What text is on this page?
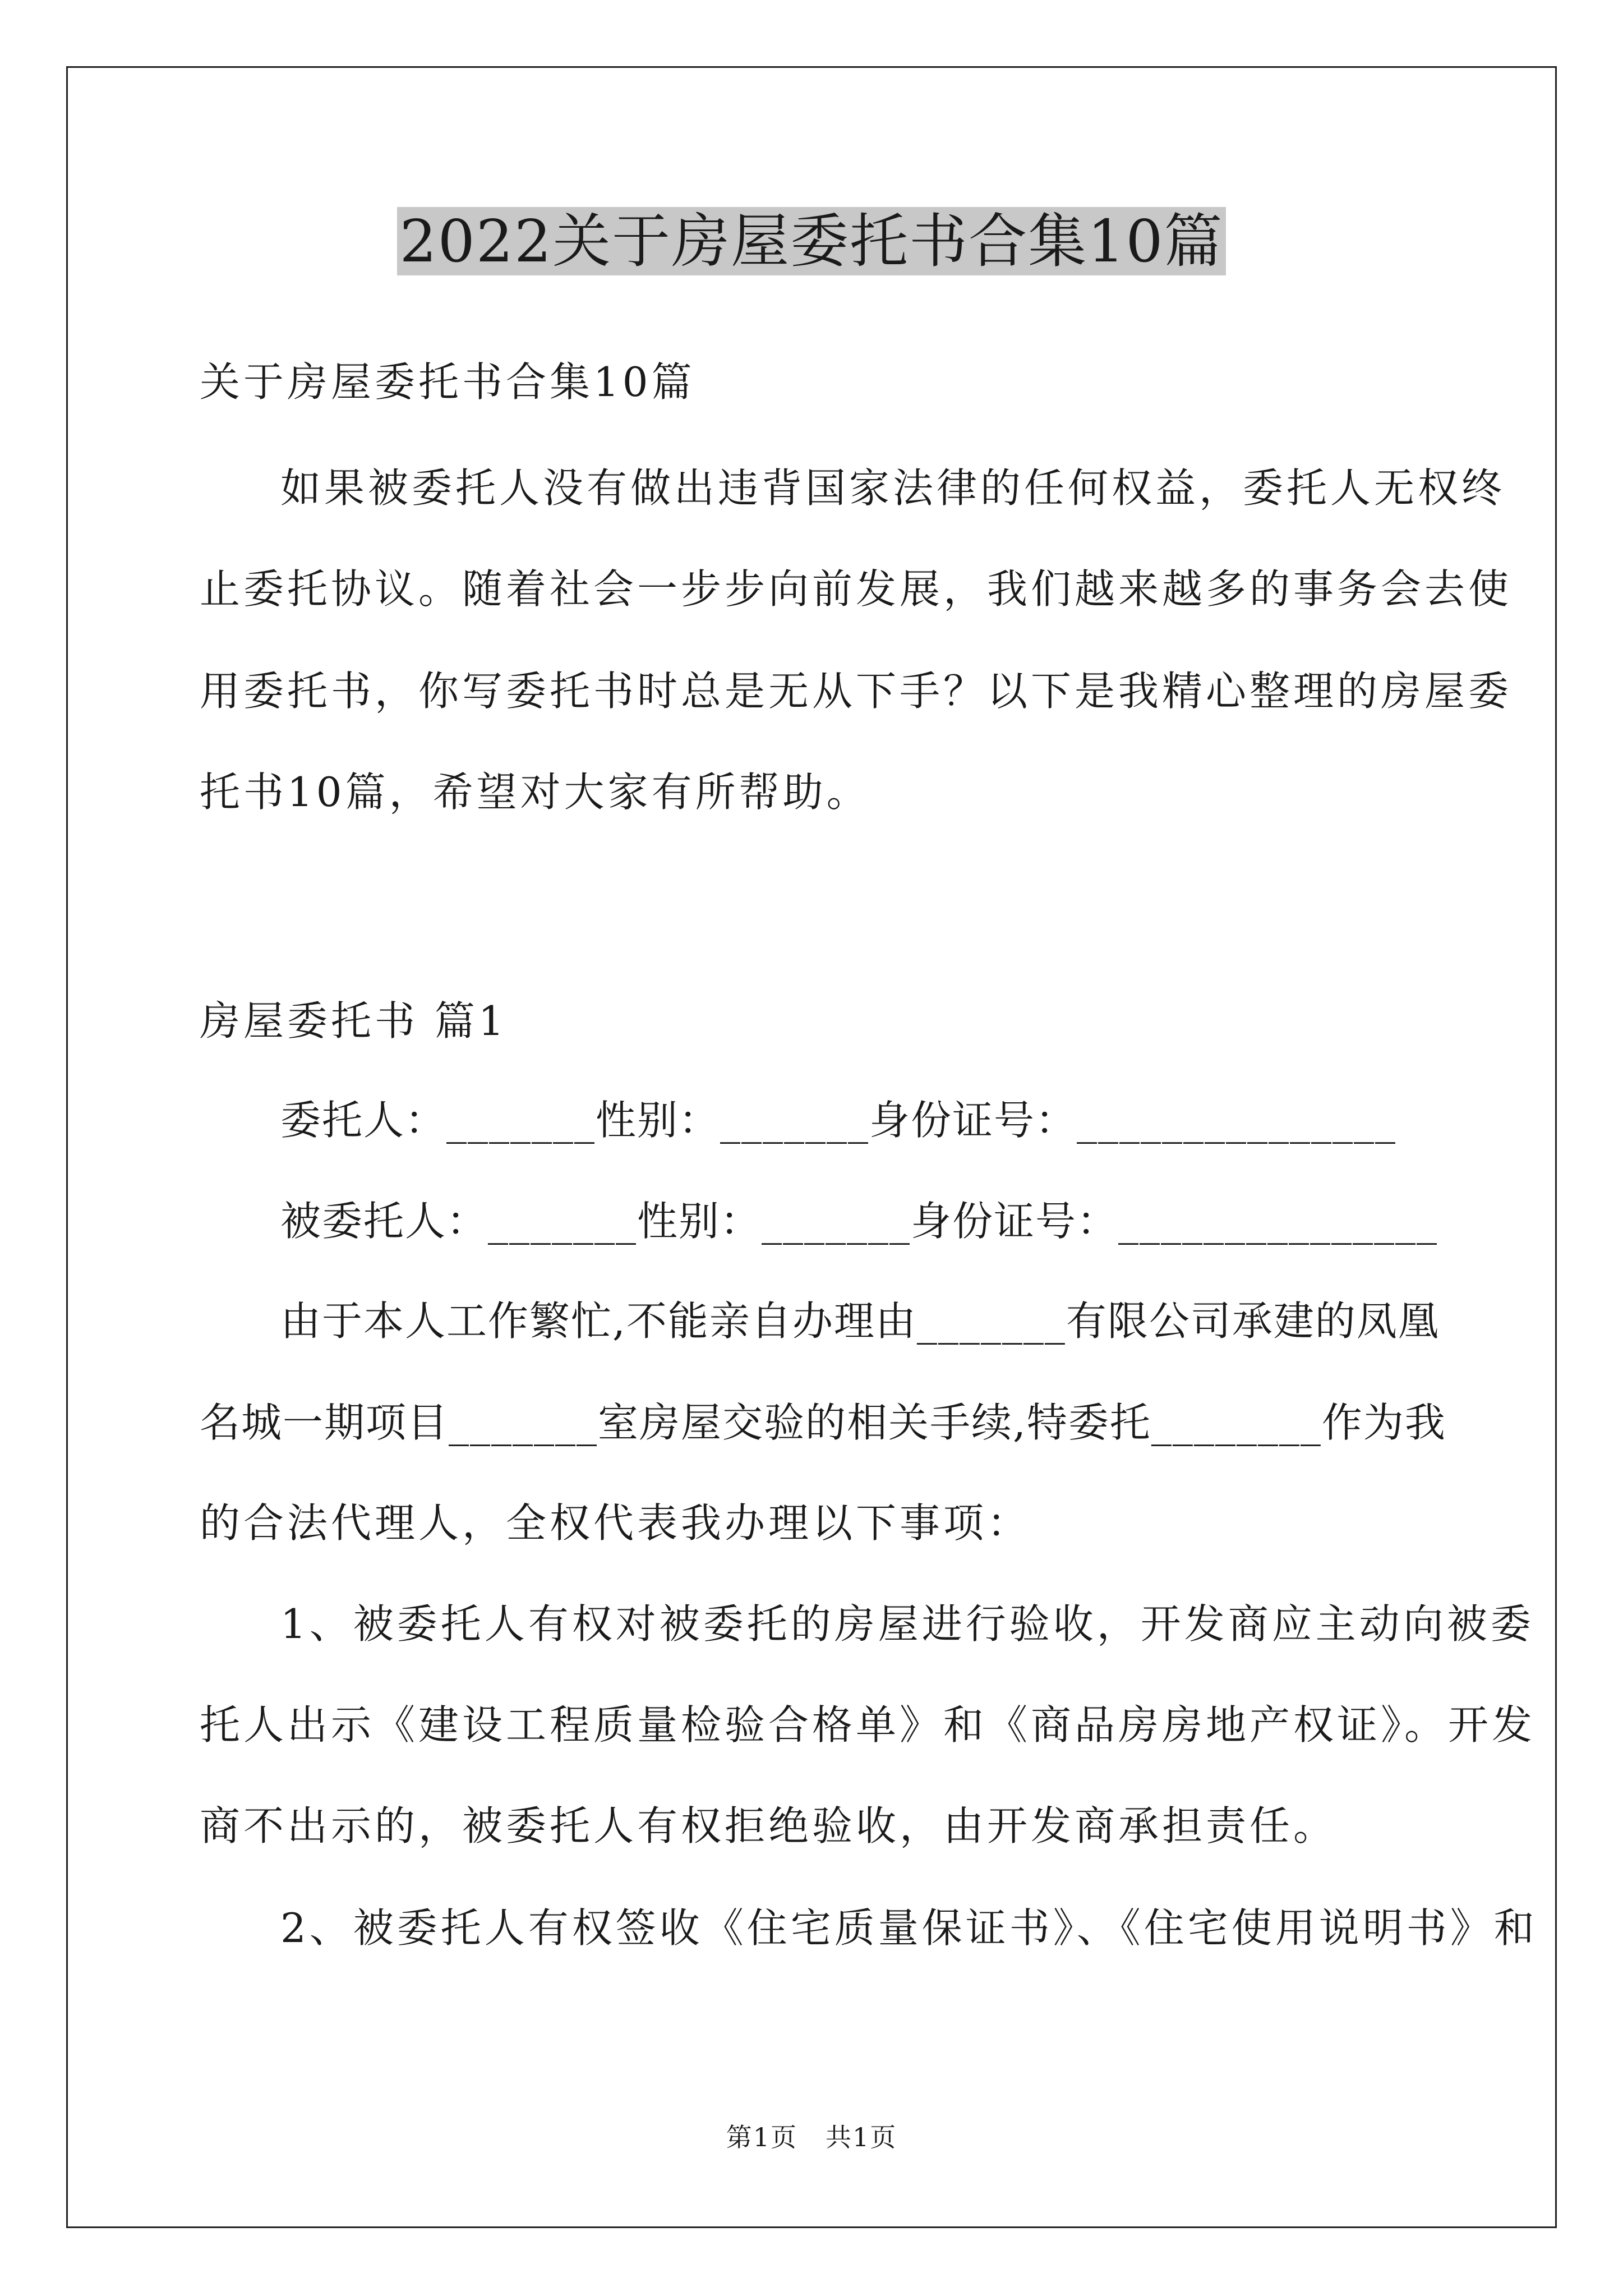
2022关于房屋委托书合集10篇
关于房屋委托书合集10篇
如果被委托人没有做出违背国家法律的任何权益，委托人无权终
止委托协议。随着社会一步步向前发展，我们越来越多的事务会去使
用委托书，你写委托书时总是无从下手？以下是我精心整理的房屋委
托书10篇，希望对大家有所帮助。
房屋委托书 篇1
委托人：_______性别：_______身份证号：_______________
被委托人：_______性别：_______身份证号：_______________
由于本人工作繁忙,不能亲自办理由_______有限公司承建的凤凰
名城一期项目_______室房屋交验的相关手续,特委托________作为我
的合法代理人，全权代表我办理以下事项：
1、被委托人有权对被委托的房屋进行验收，开发商应主动向被委
托人出示《建设工程质量检验合格单》和《商品房房地产权证》。开发
商不出示的，被委托人有权拒绝验收，由开发商承担责任。
2、被委托人有权签收《住宅质量保证书》、《住宅使用说明书》和
第1页 共1页
